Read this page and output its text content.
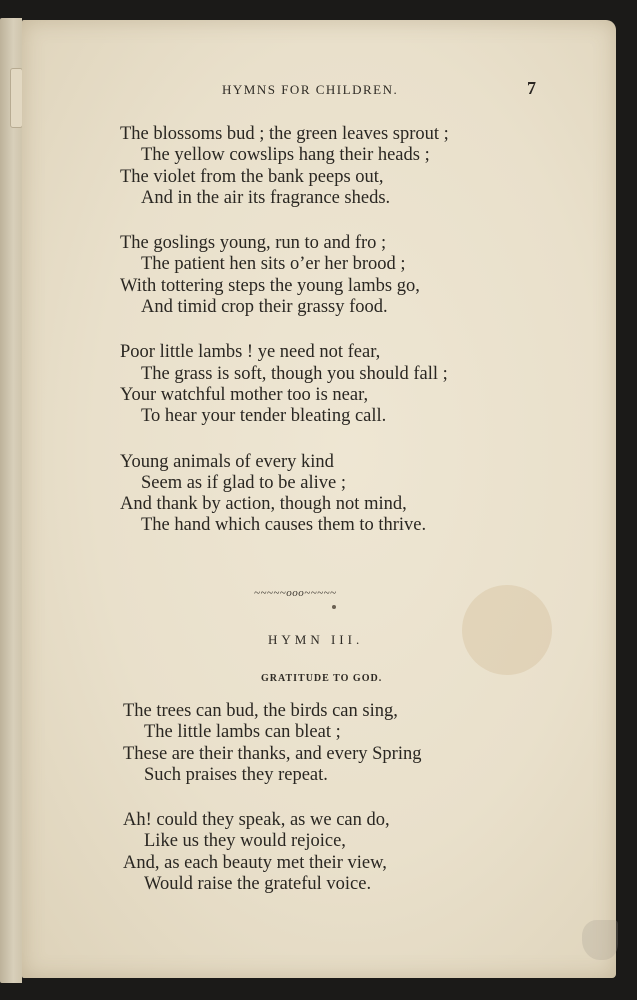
HYMNS FOR CHILDREN.	7
The blossoms bud ; the green leaves sprout ;
The yellow cowslips hang their heads ;
The violet from the bank peeps out,
And in the air its fragrance sheds.
The goslings young, run to and fro ;
The patient hen sits o’er her brood ;
With tottering steps the young lambs go,
And timid crop their grassy food.
Poor little lambs ! ye need not fear,
The grass is soft, though you should fall ;
Your watchful mother too is near,
To hear your tender bleating call.
Young animals of every kind
Seem as if glad to be alive ;
And thank by action, though not mind,
The hand which causes them to thrive.
~~~~~ooo~~~~~
HYMN III.
GRATITUDE TO GOD.
The trees can bud, the birds can sing,
The little lambs can bleat ;
These are their thanks, and every Spring
Such praises they repeat.
Ah! could they speak, as we can do,
Like us they would rejoice,
And, as each beauty met their view,
Would raise the grateful voice.
